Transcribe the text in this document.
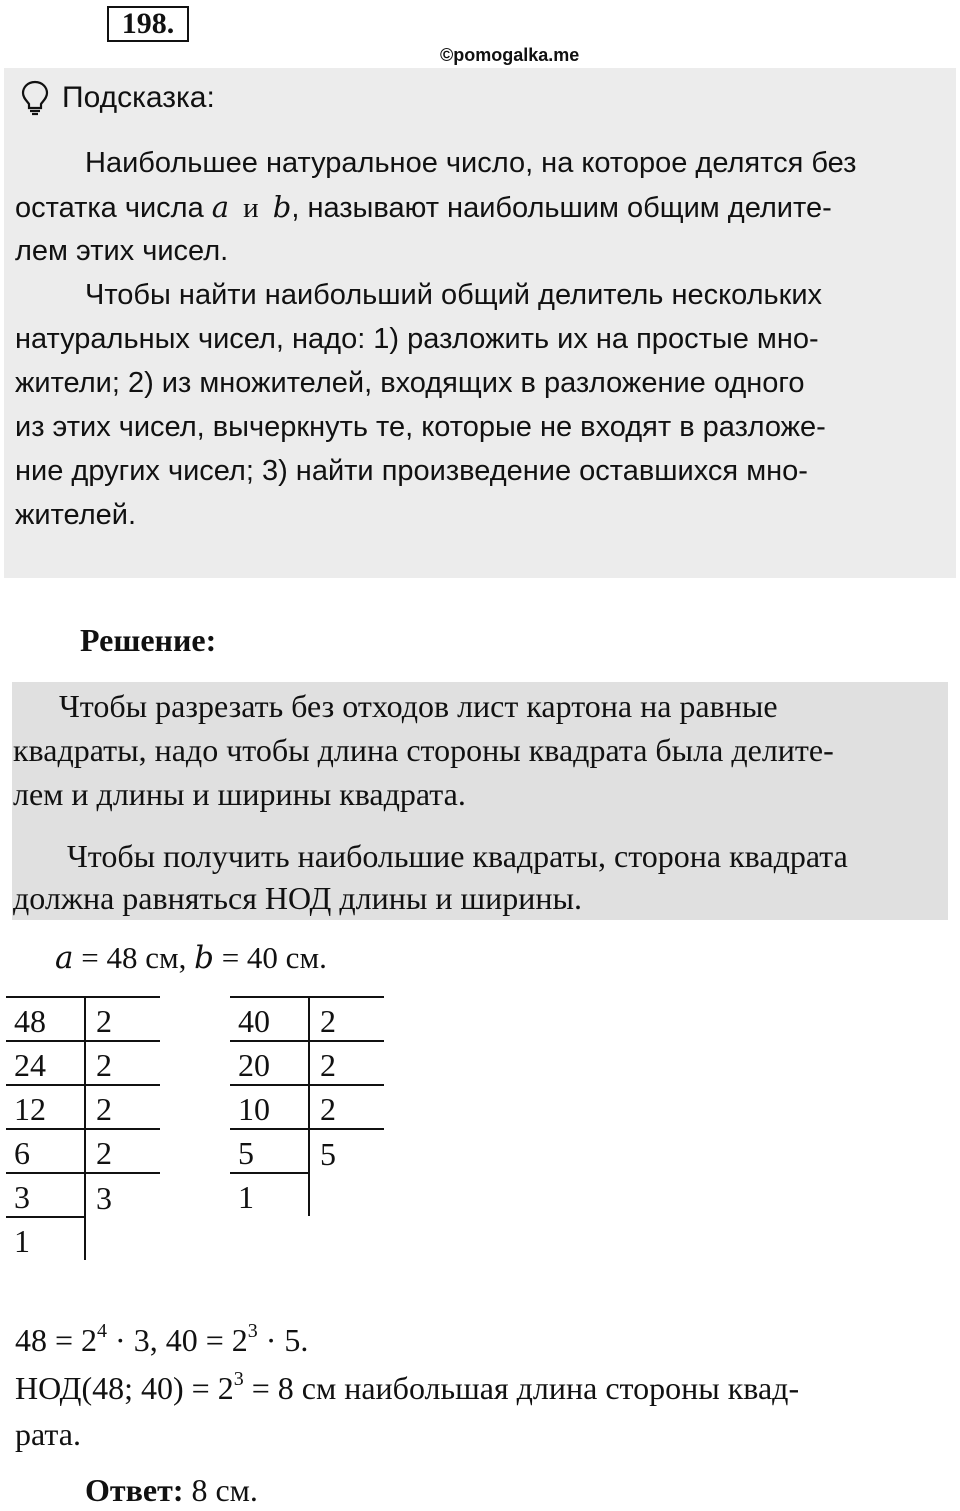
198.
©pomogalka.me
Подсказка:
Наибольшее натуральное число, на которое делятся без
остатка числа a и b, называют наибольшим общим делите-
лем этих чисел.
Чтобы найти наибольший общий делитель нескольких
натуральных чисел, надо: 1) разложить их на простые мно-
жители; 2) из множителей, входящих в разложение одного
из этих чисел, вычеркнуть те, которые не входят в разложе-
ние других чисел; 3) найти произведение оставшихся мно-
жителей.
Решение:
Чтобы разрезать без отходов лист картона на равные
квадраты, надо чтобы длина стороны квадрата была делите-
лем и длины и ширины квадрата.
Чтобы получить наибольшие квадраты, сторона квадрата
должна равняться НОД длины и ширины.
a = 48 см, b = 40 см.
48	2
24	2
12	2
6	2
3	3
1	
40	2
20	2
10	2
5	5
1	
$48 = 2^4 \cdot 3$, $40 = 2^3 \cdot 5$.
НОД(48; $40) = 2^3 = 8$ см наибольшая длина стороны квад-
рата.
Ответ: 8 см.
